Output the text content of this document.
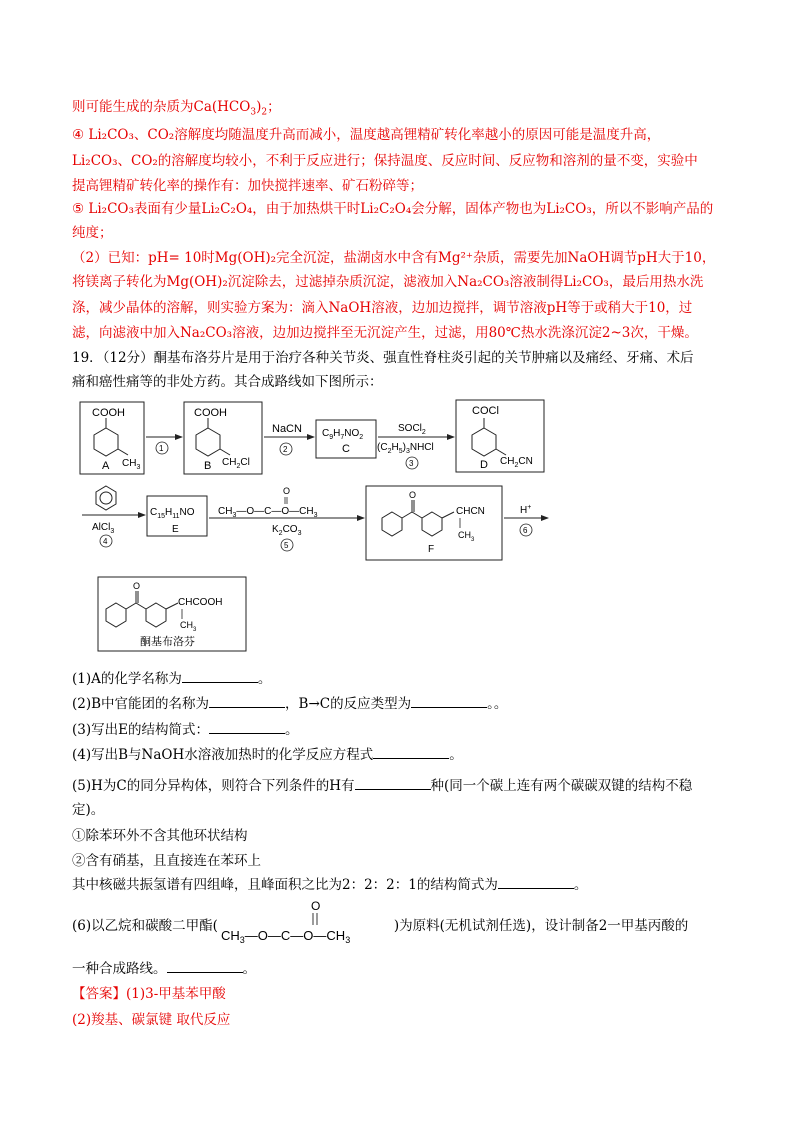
则可能生成的杂质为$Ca(HCO_3)_2$；
④ Li₂CO₃、CO₂溶解度均随温度升高而减小，温度越高锂精矿转化率越小的原因可能是温度升高，
Li₂CO₃、CO₂的溶解度均较小，不利于反应进行；保持温度、反应时间、反应物和溶剂的量不变，实验中
提高锂精矿转化率的操作有：加快搅拌速率、矿石粉碎等；
⑤ Li₂CO₃表面有少量Li₂C₂O₄，由于加热烘干时Li₂C₂O₄会分解，固体产物也为Li₂CO₃，所以不影响产品的
纯度；
（2）已知：pH= 10时Mg(OH)₂完全沉淀，盐湖卤水中含有Mg²⁺杂质，需要先加NaOH调节pH大于10，
将镁离子转化为Mg(OH)₂沉淀除去，过滤掉杂质沉淀，滤液加入Na₂CO₃溶液制得Li₂CO₃，最后用热水洗
涤，减少晶体的溶解，则实验方案为：滴入NaOH溶液，边加边搅拌，调节溶液pH等于或稍大于10，过
滤，向滤液中加入Na₂CO₃溶液，边加边搅拌至无沉淀产生，过滤，用80℃热水洗涤沉淀2~3次，干燥。
19．（12分）酮基布洛芬片是用于治疗各种关节炎、强直性脊柱炎引起的关节肿痛以及痛经、牙痛、术后
痛和癌性痛等的非处方药。其合成路线如下图所示：
COOH
A $CH_3$
1
COOH
B $CH_2Cl$
NaCN
2
$C_9H_7NO_2$
C
SOCl$_2$
$(C_2H_5)_3NHCl$
3
COCl
D $CH_2CN$
AlCl$_3$
4
$C_{15}H_{11}NO$
E
O
$CH_3—O—C—O—CH_3$
$K_2CO_3$
5
O
CHCN
$CH_3$
F
H+
6
O
CHCOOH
$CH_3$
酮基布洛芬
(1)A的化学名称为	。
(2)B中官能团的名称为	，B→C的反应类型为	。。
(3)写出E的结构简式：	。
(4)写出B与NaOH水溶液加热时的化学反应方程式	。
(5)H为C的同分异构体，则符合下列条件的H有	种(同一个碳上连有两个碳碳双键的结构不稳
定)。
①除苯环外不含其他环状结构
②含有硝基，且直接连在苯环上
其中核磁共振氢谱有四组峰，且峰面积之比为2：2：2：1的结构简式为	。
(6)以乙烷和碳酸二甲酯(	)为原料(无机试剂任选)，设计制备2一甲基丙酸的
O
$CH_3—O—C—O—CH_3$
一种合成路线。	。
【答案】(1)3-甲基苯甲酸
(2)羧基、碳氯键 取代反应
